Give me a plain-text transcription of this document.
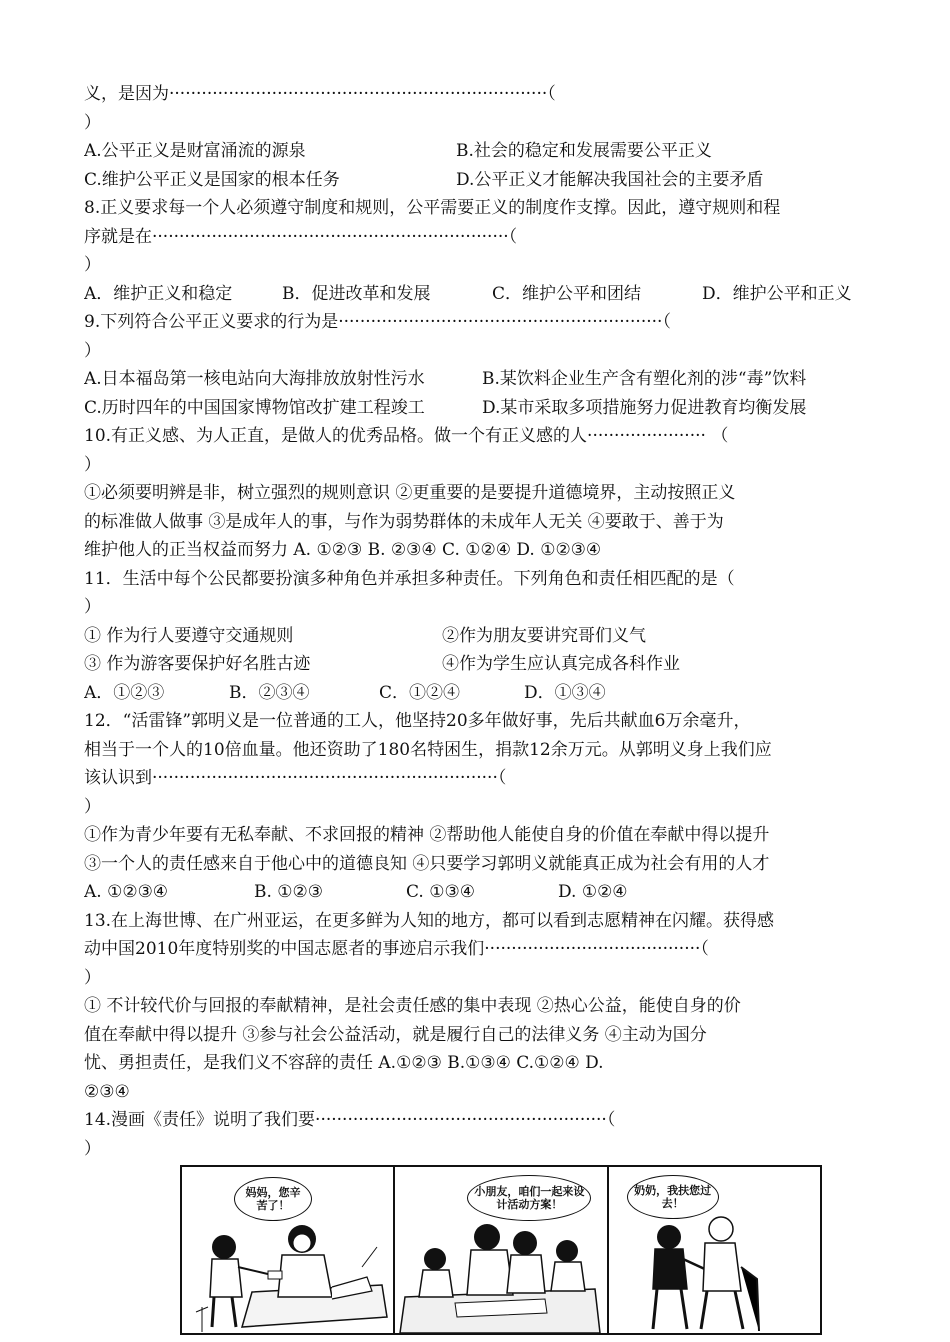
义，是因为······································································（
）
A.公平正义是财富涌流的源泉	B.社会的稳定和发展需要公平正义
C.维护公平正义是国家的根本任务	D.公平正义才能解决我国社会的主要矛盾
8.正义要求每一个人必须遵守制度和规则，公平需要正义的制度作支撑。因此，遵守规则和程
序就是在··································································（
）
A．维护正义和稳定	B．促进改革和发展	C．维护公平和团结	D．维护公平和正义
9.下列符合公平正义要求的行为是····························································（
）
A.日本福岛第一核电站向大海排放放射性污水	B.某饮料企业生产含有塑化剂的涉“毒”饮料
C.历时四年的中国国家博物馆改扩建工程竣工	D.某市采取多项措施努力促进教育均衡发展
10.有正义感、为人正直，是做人的优秀品格。做一个有正义感的人······················ （
）
①必须要明辨是非，树立强烈的规则意识 ②更重要的是要提升道德境界，主动按照正义
的标准做人做事 ③是成年人的事，与作为弱势群体的未成年人无关 ④要敢于、善于为
维护他人的正当权益而努力 A. ①②③ B. ②③④ C. ①②④ D. ①②③④
11．生活中每个公民都要扮演多种角色并承担多种责任。下列角色和责任相匹配的是（
）
① 作为行人要遵守交通规则	②作为朋友要讲究哥们义气
③ 作为游客要保护好名胜古迹	④作为学生应认真完成各科作业
A．①②③	B．②③④	C．①②④	D．①③④
12．“活雷锋”郭明义是一位普通的工人，他坚持20多年做好事，先后共献血6万余毫升，
相当于一个人的10倍血量。他还资助了180名特困生，捐款12余万元。从郭明义身上我们应
该认识到································································（
）
①作为青少年要有无私奉献、不求回报的精神 ②帮助他人能使自身的价值在奉献中得以提升
③一个人的责任感来自于他心中的道德良知 ④只要学习郭明义就能真正成为社会有用的人才
A. ①②③④	B. ①②③	C. ①③④	D. ①②④
13.在上海世博、在广州亚运，在更多鲜为人知的地方，都可以看到志愿精神在闪耀。获得感
动中国2010年度特别奖的中国志愿者的事迹启示我们········································（
）
① 不计较代价与回报的奉献精神，是社会责任感的集中表现 ②热心公益，能使自身的价
值在奉献中得以提升 ③参与社会公益活动，就是履行自己的法律义务 ④主动为国分
忧、勇担责任，是我们义不容辞的责任 A.①②③ B.①③④ C.①②④ D.
②③④
14.漫画《责任》说明了我们要······················································（
）
妈妈，您辛苦了！
小朋友，咱们一起来设计活动方案！
奶奶，我扶您过去！
